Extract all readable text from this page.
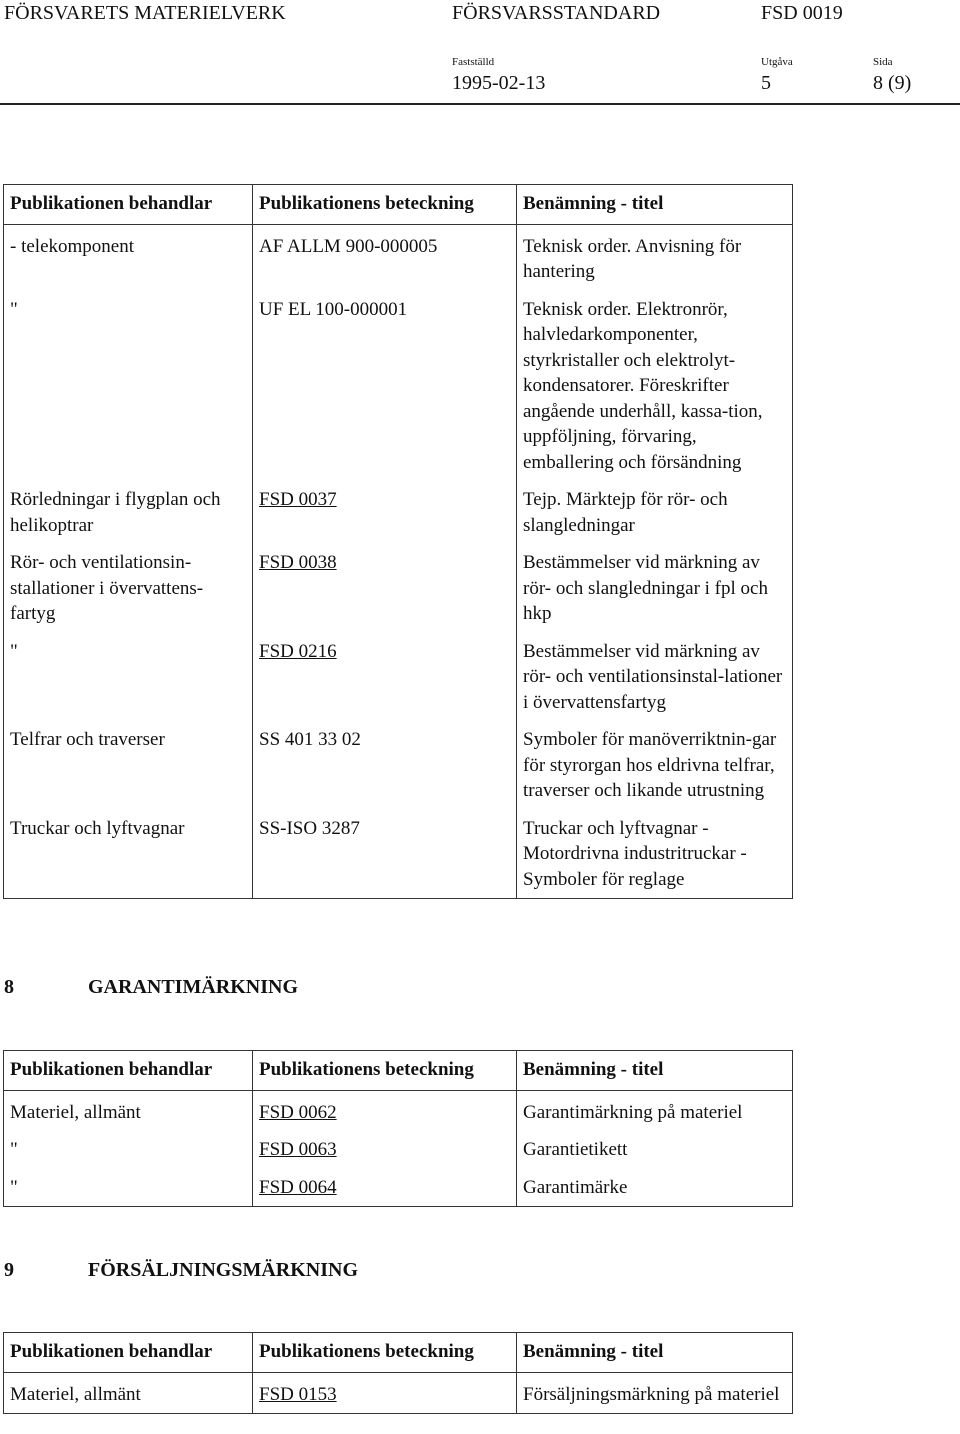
FÖRSVARETS MATERIELVERK	FÖRSVARSSTANDARD	FSD 0019
Fastställd	Utgåva	Sida
1995-02-13	5	8 (9)
Publikationen behandlar	Publikationens beteckning	Benämning - titel
- telekomponent	AF ALLM 900-000005	Teknisk order. Anvisning för hantering
"	UF EL 100-000001	Teknisk order. Elektronrör, halvledarkomponenter, styrkristaller och elektrolyt-kondensatorer. Föreskrifter angående underhåll, kassa-tion, uppföljning, förvaring, emballering och försändning
Rörledningar i flygplan och helikoptrar	FSD 0037	Tejp. Märktejp för rör- och slangledningar
Rör- och ventilationsin-stallationer i övervattens-fartyg	FSD 0038	Bestämmelser vid märkning av rör- och slangledningar i fpl och hkp
"	FSD 0216	Bestämmelser vid märkning av rör- och ventilationsinstal-lationer i övervattensfartyg
Telfrar och traverser	SS 401 33 02	Symboler för manöverriktnin-gar för styrorgan hos eldrivna telfrar, traverser och likande utrustning
Truckar och lyftvagnar	SS-ISO 3287	Truckar och lyftvagnar - Motordrivna industritruckar - Symboler för reglage
8	GARANTIMÄRKNING
Publikationen behandlar	Publikationens beteckning	Benämning - titel
Materiel, allmänt	FSD 0062	Garantimärkning på materiel
"	FSD 0063	Garantietikett
"	FSD 0064	Garantimärke
9	FÖRSÄLJNINGSMÄRKNING
Publikationen behandlar	Publikationens beteckning	Benämning - titel
Materiel, allmänt	FSD 0153	Försäljningsmärkning på materiel
